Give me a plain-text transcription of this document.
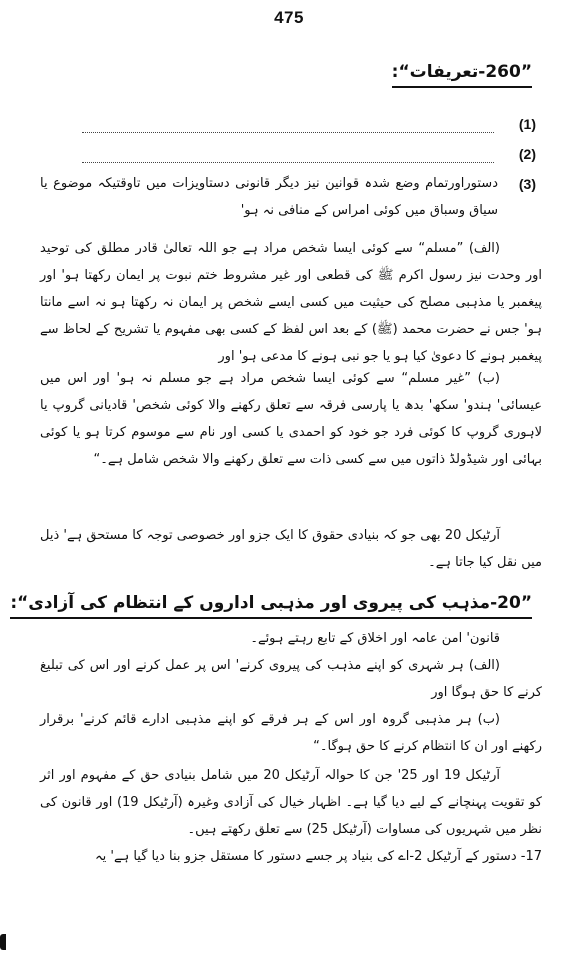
475
”260-تعریفات“:
(1)
(2)
(3)

دستوراورتمام وضع شدہ قوانین نیز دیگر قانونی دستاویزات میں تاوقتیکہ موضوع یا سیاق وسباق میں کوئی امراس کے منافی نہ ہو'

(الف) ”مسلم“ سے کوئی ایسا شخص مراد ہے جو اللہ تعالیٰ قادر مطلق کی توحید اور وحدت نیز رسول اکرم ﷺ کی قطعی اور غیر مشروط ختم نبوت پر ایمان رکھتا ہو' اور پیغمبر یا مذہبی مصلح کی حیثیت میں کسی ایسے شخص پر ایمان نہ رکھتا ہو نہ اسے مانتا ہو' جس نے حضرت محمد (ﷺ) کے بعد اس لفظ کے کسی بھی مفہوم یا تشریح کے لحاظ سے پیغمبر ہونے کا دعویٰ کیا ہو یا جو نبی ہونے کا مدعی ہو' اور

(ب) ”غیر مسلم“ سے کوئی ایسا شخص مراد ہے جو مسلم نہ ہو' اور اس میں عیسائی' ہندو' سکھ' بدھ یا پارسی فرقہ سے تعلق رکھنے والا کوئی شخص' قادیانی گروپ یا لاہوری گروپ کا کوئی فرد جو خود کو احمدی یا کسی اور نام سے موسوم کرتا ہو یا کوئی بہائی اور شیڈولڈ ذاتوں میں سے کسی ذات سے تعلق رکھنے والا شخص شامل ہے۔“

آرٹیکل 20 بھی جو کہ بنیادی حقوق کا ایک جزو اور خصوصی توجہ کا مستحق ہے' ذیل میں نقل کیا جاتا ہے۔

”20-مذہب کی پیروی اور مذہبی اداروں کے انتظام کی آزادی“:

قانون' امن عامہ اور اخلاق کے تابع رہتے ہوئے۔

(الف) ہر شہری کو اپنے مذہب کی پیروی کرنے' اس پر عمل کرنے اور اس کی تبلیغ کرنے کا حق ہوگا اور

(ب) ہر مذہبی گروہ اور اس کے ہر فرقے کو اپنے مذہبی ادارے قائم کرنے' برقرار رکھنے اور ان کا انتظام کرنے کا حق ہوگا۔“

آرٹیکل 19 اور 25' جن کا حوالہ آرٹیکل 20 میں شامل بنیادی حق کے مفہوم اور اثر کو تقویت پہنچانے کے لیے دیا گیا ہے۔ اظہار خیال کی آزادی وغیرہ (آرٹیکل 19) اور قانون کی نظر میں شہریوں کی مساوات (آرٹیکل 25) سے تعلق رکھتے ہیں۔

17- دستور کے آرٹیکل 2-اے کی بنیاد پر جسے دستور کا مستقل جزو بنا دیا گیا ہے' یہ
